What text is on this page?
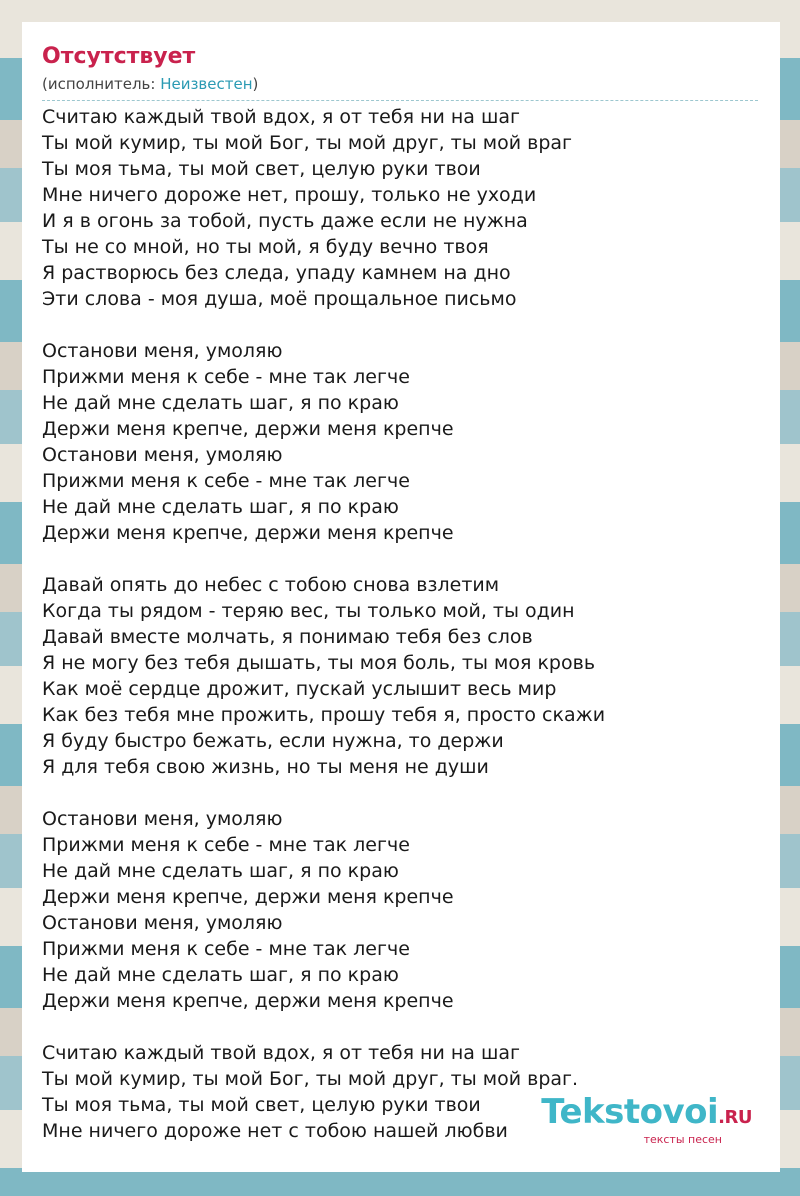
Отсутствует
(исполнитель: Неизвестен)
Считаю каждый твой вдох, я от тебя ни на шаг
Ты мой кумир, ты мой Бог, ты мой друг, ты мой враг
Ты моя тьма, ты мой свет, целую руки твои
Мне ничего дороже нет, прошу, только не уходи
И я в огонь за тобой, пусть даже если не нужна
Ты не со мной, но ты мой, я буду вечно твоя
Я растворюсь без следа, упаду камнем на дно
Эти слова - моя душа, моё прощальное письмо
Останови меня, умоляю
Прижми меня к себе - мне так легче
Не дай мне сделать шаг, я по краю
Держи меня крепче, держи меня крепче
Останови меня, умоляю
Прижми меня к себе - мне так легче
Не дай мне сделать шаг, я по краю
Держи меня крепче, держи меня крепче
Давай опять до небес с тобою снова взлетим
Когда ты рядом - теряю вес, ты только мой, ты один
Давай вместе молчать, я понимаю тебя без слов
Я не могу без тебя дышать, ты моя боль, ты моя кровь
Как моё сердце дрожит, пускай услышит весь мир
Как без тебя мне прожить, прошу тебя я, просто скажи
Я буду быстро бежать, если нужна, то держи
Я для тебя свою жизнь, но ты меня не души
Останови меня, умоляю
Прижми меня к себе - мне так легче
Не дай мне сделать шаг, я по краю
Держи меня крепче, держи меня крепче
Останови меня, умоляю
Прижми меня к себе - мне так легче
Не дай мне сделать шаг, я по краю
Держи меня крепче, держи меня крепче
Считаю каждый твой вдох, я от тебя ни на шаг
Ты мой кумир, ты мой Бог, ты мой друг, ты мой враг.
Ты моя тьма, ты мой свет, целую руки твои
Мне ничего дороже нет с тобою нашей любви Tekstovoi.RU
тексты песен
